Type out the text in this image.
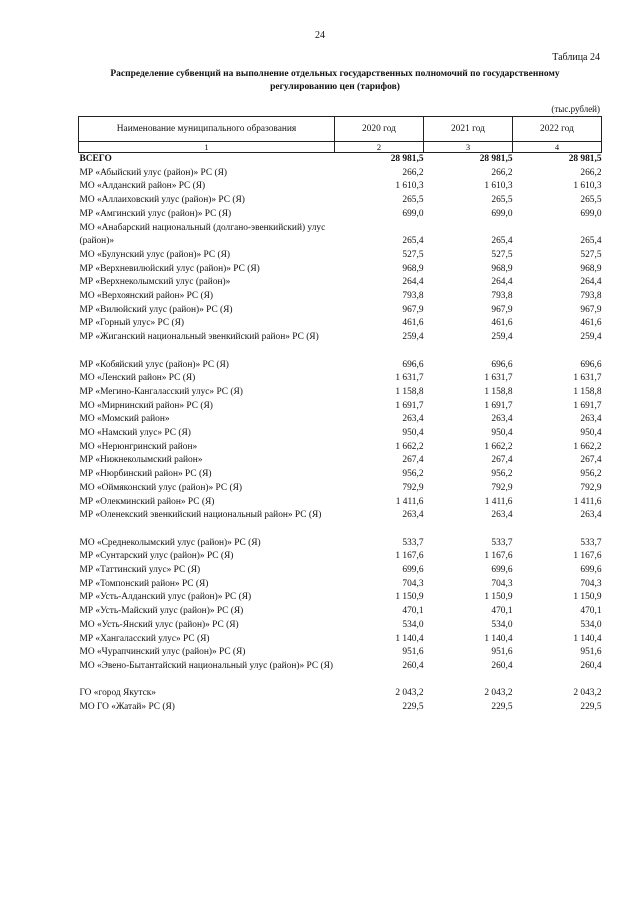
24
Таблица 24
Распределение субвенций на выполнение отдельных государственных полномочий по государственному регулированию цен (тарифов)
(тыс.рублей)
Наименование муниципального образования	2020 год	2021 год	2022 год
1	2	3	4
ВСЕГО	28 981,5	28 981,5	28 981,5
МР «Абыйский улус (район)» РС (Я)	266,2	266,2	266,2
МО «Алданский район» РС (Я)	1 610,3	1 610,3	1 610,3
МО «Аллаиховский улус (район)» РС (Я)	265,5	265,5	265,5
МР «Амгинский улус (район)» РС (Я)	699,0	699,0	699,0
МО «Анабарский национальный (долгано-эвенкийский) улус (район)»	265,4	265,4	265,4
МО «Булунский улус (район)» РС (Я)	527,5	527,5	527,5
МР «Верхневилюйский улус (район)» РС (Я)	968,9	968,9	968,9
МР «Верхнеколымский улус (район)»	264,4	264,4	264,4
МО «Верхоянский район» РС (Я)	793,8	793,8	793,8
МР «Вилюйский улус (район)» РС (Я)	967,9	967,9	967,9
МР «Горный улус» РС (Я)	461,6	461,6	461,6
МР «Жиганский национальный эвенкийский район» РС (Я)	259,4	259,4	259,4

МР «Кобяйский улус (район)» РС (Я)	696,6	696,6	696,6
МО «Ленский район» РС (Я)	1 631,7	1 631,7	1 631,7
МР «Мегино-Кангаласский улус» РС (Я)	1 158,8	1 158,8	1 158,8
МО «Мирнинский район» РС (Я)	1 691,7	1 691,7	1 691,7
МО «Момский район»	263,4	263,4	263,4
МО «Намский улус» РС (Я)	950,4	950,4	950,4
МО «Нерюнгринский район»	1 662,2	1 662,2	1 662,2
МР «Нижнеколымский район»	267,4	267,4	267,4
МР «Нюрбинский район» РС (Я)	956,2	956,2	956,2
МО «Оймяконский улус (район)» РС (Я)	792,9	792,9	792,9
МР «Олекминский район» РС (Я)	1 411,6	1 411,6	1 411,6
МР «Оленекский эвенкийский национальный район» РС (Я)	263,4	263,4	263,4

МО «Среднеколымский улус (район)» РС (Я)	533,7	533,7	533,7
МР «Сунтарский улус (район)» РС (Я)	1 167,6	1 167,6	1 167,6
МР «Таттинский улус» РС (Я)	699,6	699,6	699,6
МР «Томпонский район» РС (Я)	704,3	704,3	704,3
МР «Усть-Алданский улус (район)» РС (Я)	1 150,9	1 150,9	1 150,9
МР «Усть-Майский улус (район)» РС (Я)	470,1	470,1	470,1
МО «Усть-Янский улус (район)» РС (Я)	534,0	534,0	534,0
МР «Хангаласский улус» РС (Я)	1 140,4	1 140,4	1 140,4
МО «Чурапчинский улус (район)» РС (Я)	951,6	951,6	951,6
МО «Эвено-Бытантайский национальный улус (район)» РС (Я)	260,4	260,4	260,4

ГО «город Якутск»	2 043,2	2 043,2	2 043,2
МО ГО «Жатай» РС (Я)	229,5	229,5	229,5
